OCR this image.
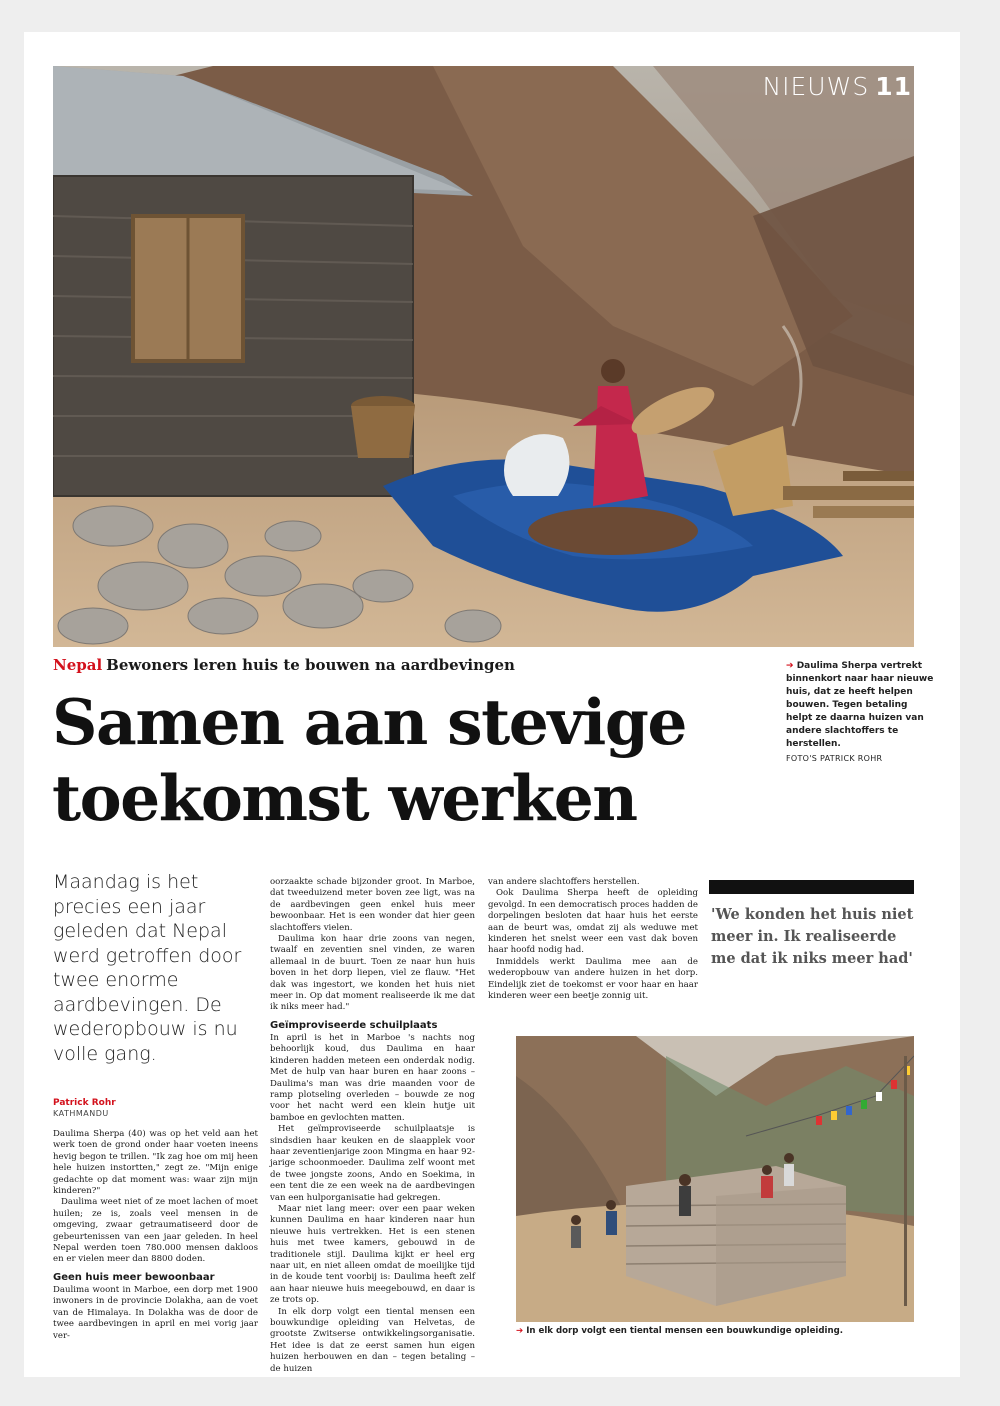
NIEUWS 11
Nepal Bewoners leren huis te bouwen na aardbevingen
Samen aan stevige
toekomst werken
➔ Daulima Sherpa vertrekt binnenkort naar haar nieuwe huis, dat ze heeft helpen bouwen. Tegen betaling helpt ze daarna huizen van andere slachtoffers te herstellen.
FOTO'S PATRICK ROHR
Maandag is het precies een jaar geleden dat Nepal werd getroffen door twee enorme aardbevingen. De wederopbouw is nu volle gang.
Patrick Rohr
KATHMANDU

Daulima Sherpa (40) was op het veld aan het werk toen de grond onder haar voeten ineens hevig begon te trillen. "Ik zag hoe om mij heen hele huizen instortten," zegt ze. "Mijn enige gedachte op dat moment was: waar zijn mijn kinderen?"

Daulima weet niet of ze moet lachen of moet huilen; ze is, zoals veel mensen in de omgeving, zwaar getraumatiseerd door de gebeurtenissen van een jaar geleden. In heel Nepal werden toen 780.000 mensen dakloos en er vielen meer dan 8800 doden.

Geen huis meer bewoonbaar

Daulima woont in Marboe, een dorp met 1900 inwoners in de provincie Dolakha, aan de voet van de Himalaya. In Dolakha was de door de twee aardbevingen in april en mei vorig jaar ver-

oorzaakte schade bijzonder groot. In Marboe, dat tweeduizend meter boven zee ligt, was na de aardbevingen geen enkel huis meer bewoonbaar. Het is een wonder dat hier geen slachtoffers vielen.

Daulima kon haar drie zoons van negen, twaalf en zeventien snel vinden, ze waren allemaal in de buurt. Toen ze naar hun huis boven in het dorp liepen, viel ze flauw. "Het dak was ingestort, we konden het huis niet meer in. Op dat moment realiseerde ik me dat ik niks meer had."

Geïmproviseerde schuilplaats

In april is het in Marboe 's nachts nog behoorlijk koud, dus Daulima en haar kinderen hadden meteen een onderdak nodig. Met de hulp van haar buren en haar zoons – Daulima's man was drie maanden voor de ramp plotseling overleden – bouwde ze nog voor het nacht werd een klein hutje uit bamboe en gevlochten matten.

Het geïmproviseerde schuilplaatsje is sindsdien haar keuken en de slaapplek voor haar zeventienjarige zoon Mingma en haar 92-jarige schoonmoeder. Daulima zelf woont met de twee jongste zoons, Ando en Soekima, in een tent die ze een week na de aardbevingen van een hulporganisatie had gekregen.

Maar niet lang meer: over een paar weken kunnen Daulima en haar kinderen naar hun nieuwe huis vertrekken. Het is een stenen huis met twee kamers, gebouwd in de traditionele stijl. Daulima kijkt er heel erg naar uit, en niet alleen omdat de moeilijke tijd in de koude tent voorbij is: Daulima heeft zelf aan haar nieuwe huis meegebouwd, en daar is ze trots op.

In elk dorp volgt een tiental mensen een bouwkundige opleiding van Helvetas, de grootste Zwitserse ontwikkelingsorganisatie. Het idee is dat ze eerst samen hun eigen huizen herbouwen en dan – tegen betaling – de huizen

van andere slachtoffers herstellen.

Ook Daulima Sherpa heeft de opleiding gevolgd. In een democratisch proces hadden de dorpelingen besloten dat haar huis het eerste aan de beurt was, omdat zij als weduwe met kinderen het snelst weer een vast dak boven haar hoofd nodig had.

Inmiddels werkt Daulima mee aan de wederopbouw van andere huizen in het dorp. Eindelijk ziet de toekomst er voor haar en haar kinderen weer een beetje zonnig uit.

'We konden het huis niet meer in. Ik realiseerde me dat ik niks meer had'
➔ In elk dorp volgt een tiental mensen een bouwkundige opleiding.
